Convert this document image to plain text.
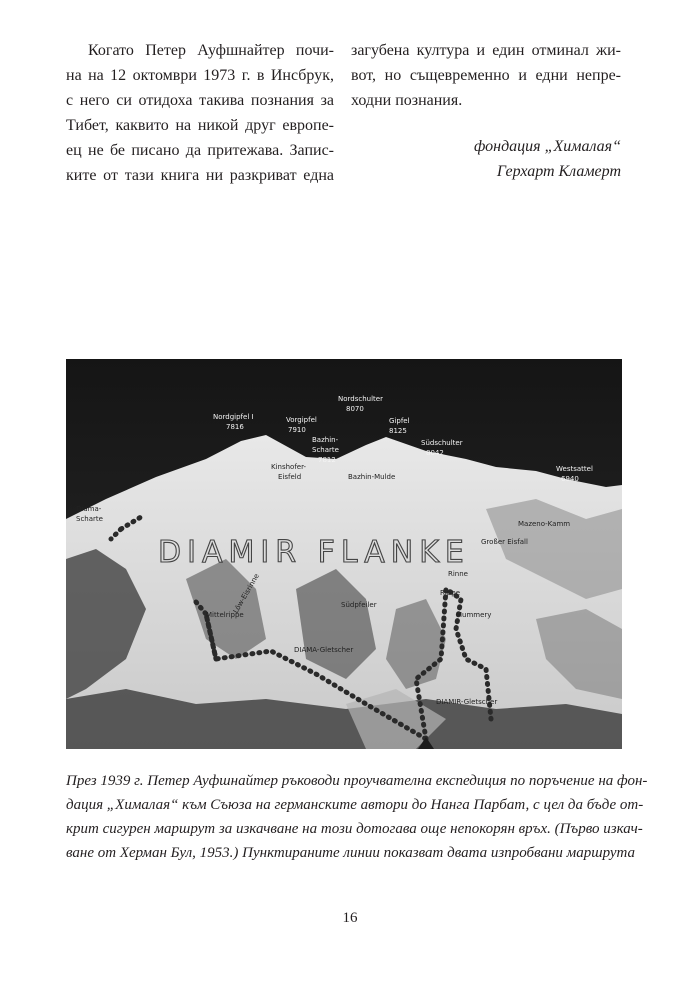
Когато Петер Ауфшнайтер почи-
на на 12 октомври 1973 г. в Инсбрук,
с него си отидоха такива познания за
Тибет, каквито на никой друг европе-
ец не бе писано да притежава. Запис-
ките от тази книга ни разкриват една
загубена култура и един отминал жи-
вот, но същевременно и едни непре-
ходни познания.
фондация „Хималая“
Герхарт Кламерт
DIAMIR FLANKE
Nordgipfel I
7816
Vorgipfel
7910
Nordschulter
8070
Gipfel
8125
Südschulter
8042
Bazhin-
Scharte
7812
Bazhin-Mulde
Kinshofer-
Eisfeld
Westsattel
6940
Diama-
Scharte
Mazeno-Kamm
Großer Eisfall
Rinne
Rippe
Mummery
Löw-Eisrinne	Südpfeiler
Mittelrippe
DIAMA-Gletscher
DIAMIR-Gletscher
През 1939 г. Петер Ауфшнайтер ръководи проучвателна експедиция по поръчение на фон-
дация „Хималая“ към Съюза на германските автори до Нанга Парбат, с цел да бъде от-
крит сигурен маршрут за изкачване на този дотогава още непокорян връх. (Първо изкач-
ване от Херман Бул, 1953.) Пунктираните линии показват двата изпробвани маршрута
16
